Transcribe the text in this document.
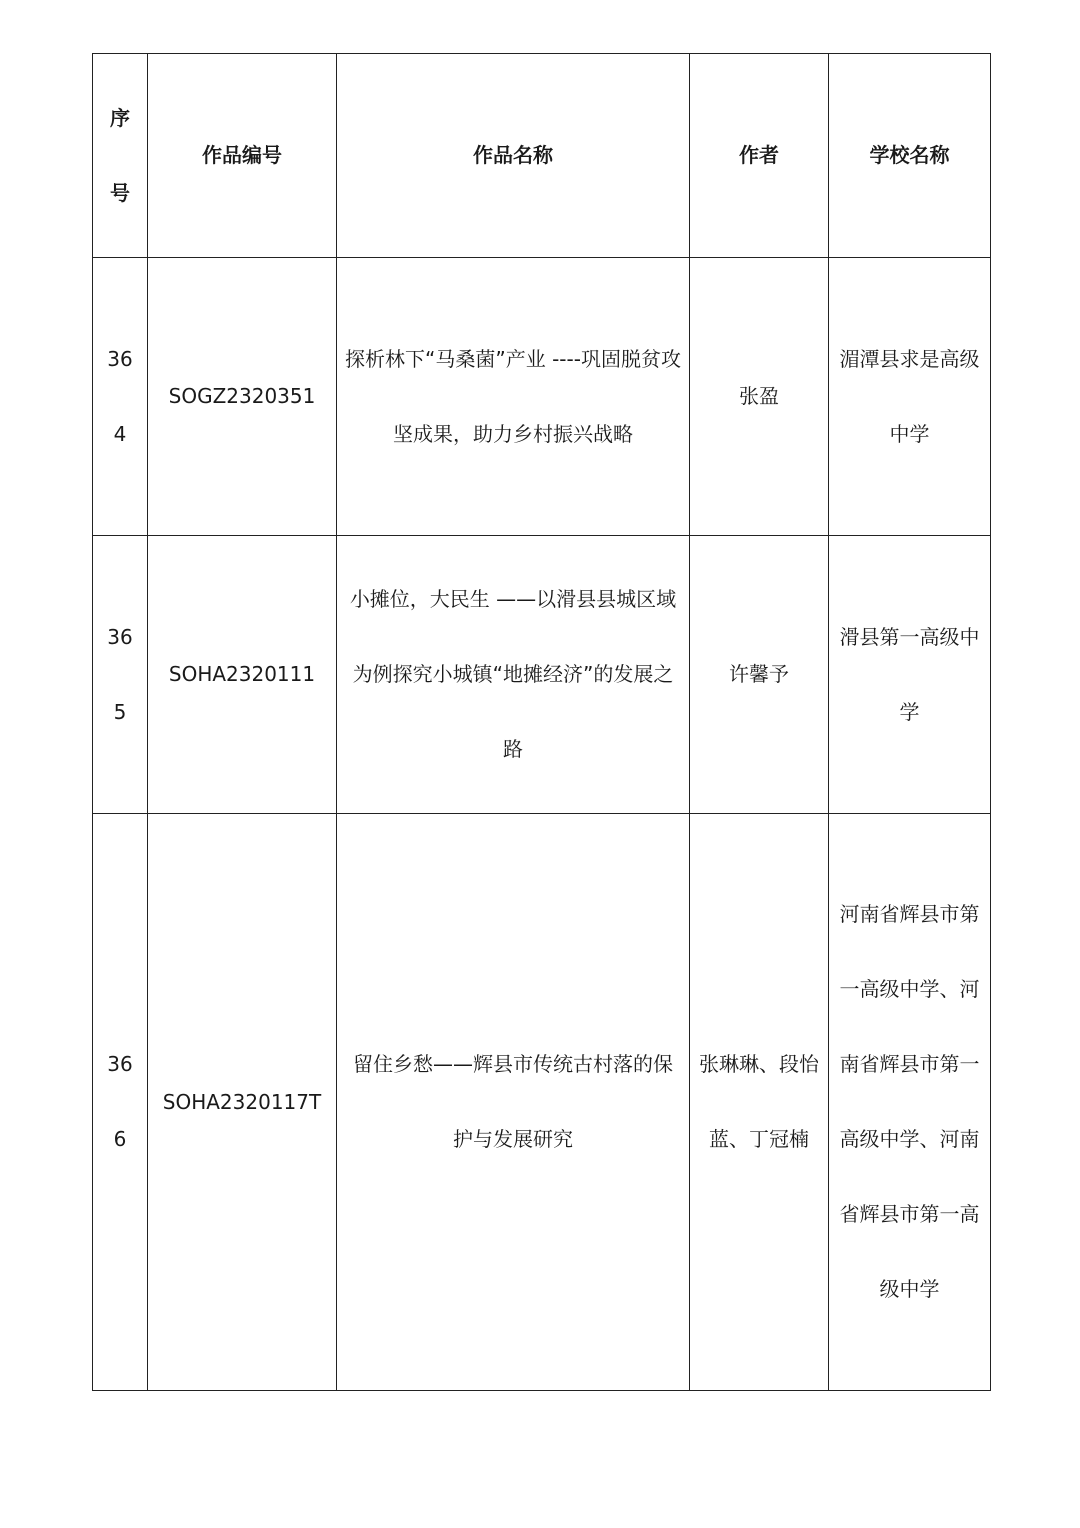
序号	作品编号	作品名称	作者	学校名称
364	SOGZ2320351	探析林下“马桑菌”产业 ----巩固脱贫攻坚成果，助力乡村振兴战略	张盈	湄潭县求是高级中学
365	SOHA2320111	小摊位，大民生 ——以滑县县城区域为例探究小城镇“地摊经济”的发展之路	许馨予	滑县第一高级中学
366	SOHA2320117T	留住乡愁——辉县市传统古村落的保护与发展研究	张琳琳、段怡蓝、丁冠楠	河南省辉县市第一高级中学、河南省辉县市第一高级中学、河南省辉县市第一高级中学
